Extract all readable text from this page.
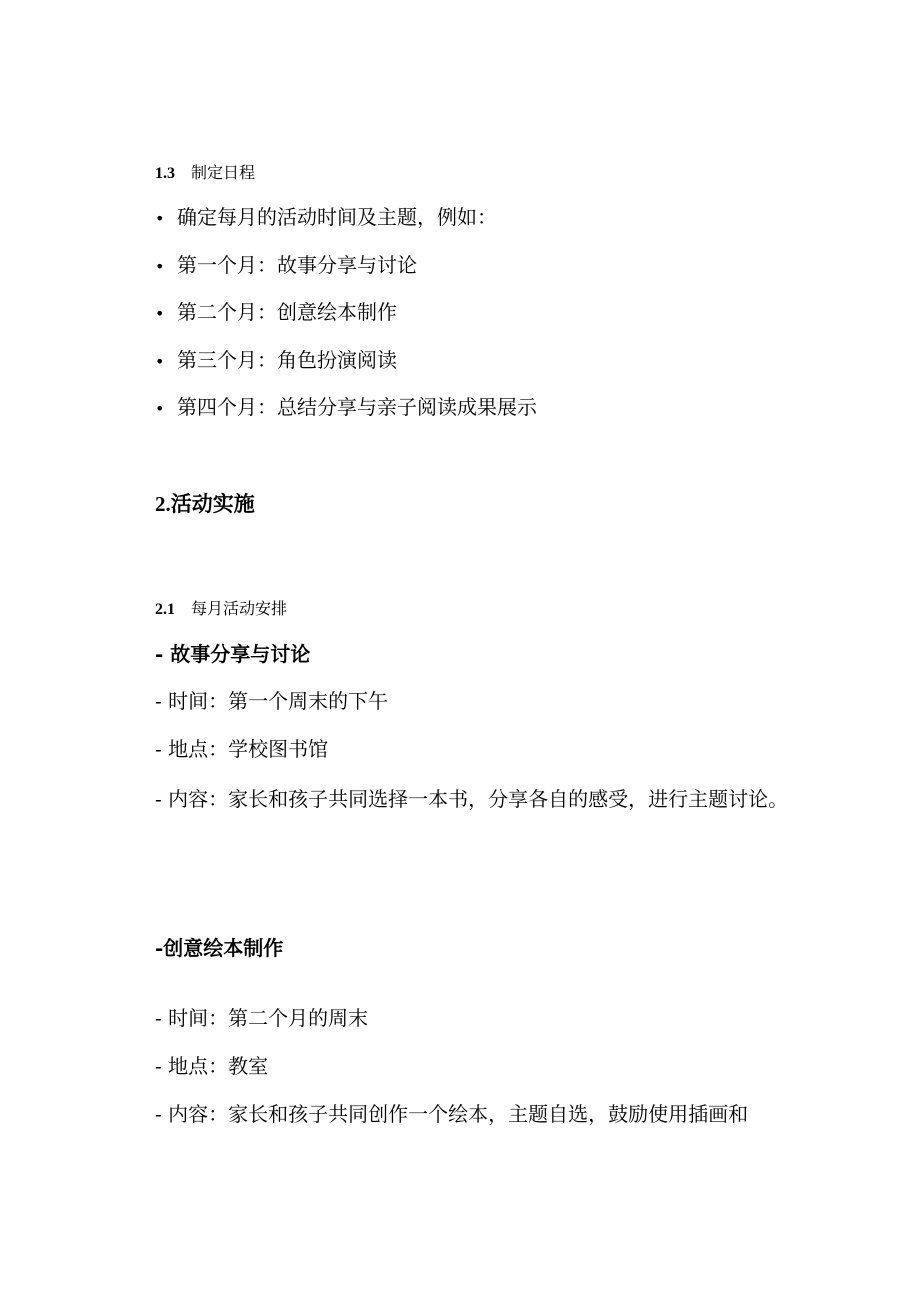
1.3 制定日程
• 确定每月的活动时间及主题，例如：
• 第一个月：故事分享与讨论
• 第二个月：创意绘本制作
• 第三个月：角色扮演阅读
• 第四个月：总结分享与亲子阅读成果展示
2.活动实施
2.1 每月活动安排
- 故事分享与讨论
- 时间：第一个周末的下午
- 地点：学校图书馆
- 内容：家长和孩子共同选择一本书，分享各自的感受，进行主题讨论。
-创意绘本制作
- 时间：第二个月的周末
- 地点：教室
- 内容：家长和孩子共同创作一个绘本，主题自选，鼓励使用插画和
